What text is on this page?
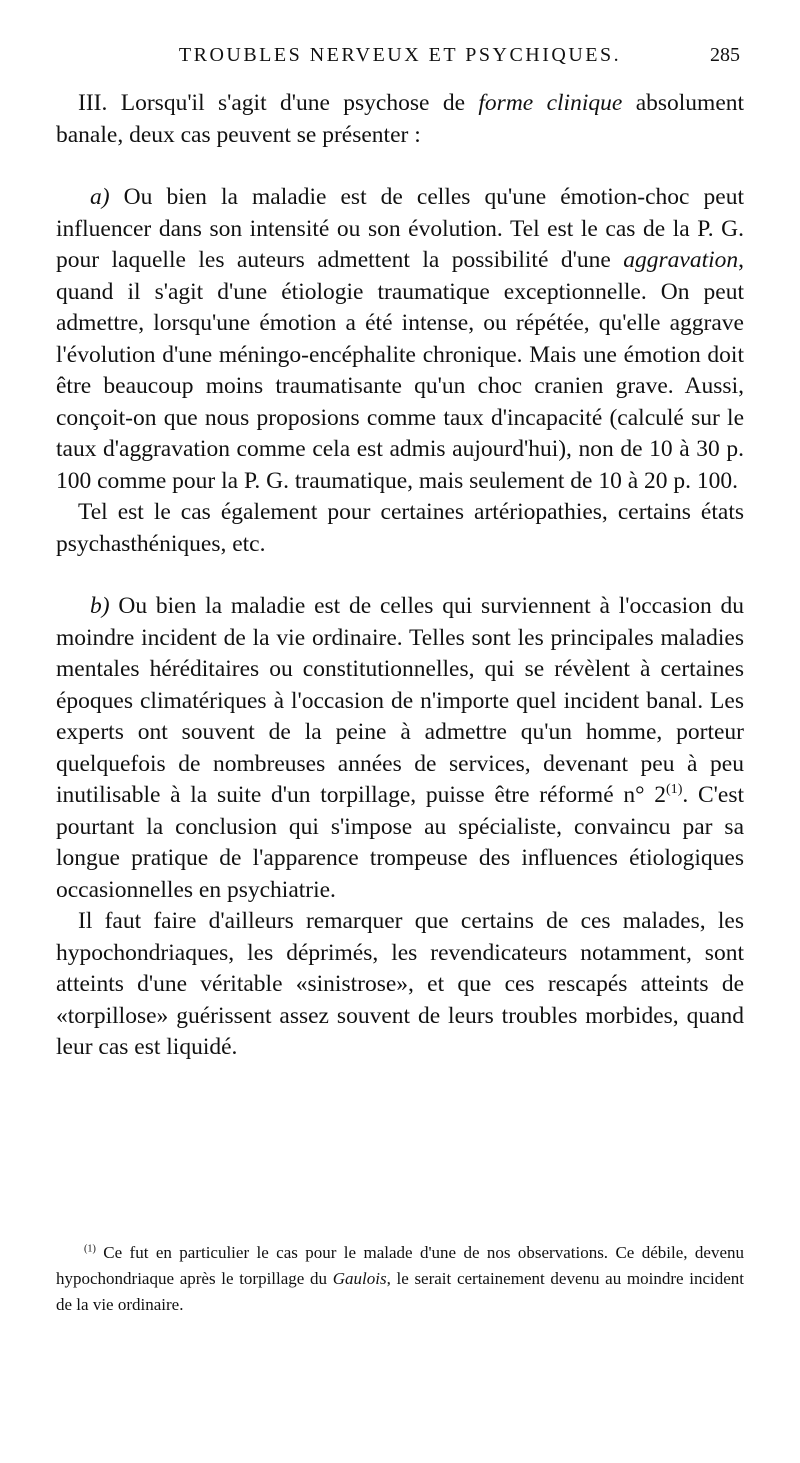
TROUBLES NERVEUX ET PSYCHIQUES.	285

III. Lorsqu'il s'agit d'une psychose de forme clinique absolument banale, deux cas peuvent se présenter :

a) Ou bien la maladie est de celles qu'une émotion-choc peut influencer dans son intensité ou son évolution. Tel est le cas de la P. G. pour laquelle les auteurs admettent la possibilité d'une aggravation, quand il s'agit d'une étiologie traumatique exceptionnelle. On peut admettre, lorsqu'une émotion a été intense, ou répétée, qu'elle aggrave l'évolution d'une méningo-encéphalite chronique. Mais une émotion doit être beaucoup moins traumatisante qu'un choc cranien grave. Aussi, conçoit-on que nous proposions comme taux d'incapacité (calculé sur le taux d'aggravation comme cela est admis aujourd'hui), non de 10 à 30 p. 100 comme pour la P. G. traumatique, mais seulement de 10 à 20 p. 100.

Tel est le cas également pour certaines artériopathies, certains états psychasthéniques, etc.

b) Ou bien la maladie est de celles qui surviennent à l'occasion du moindre incident de la vie ordinaire. Telles sont les principales maladies mentales héréditaires ou constitutionnelles, qui se révèlent à certaines époques climatériques à l'occasion de n'importe quel incident banal. Les experts ont souvent de la peine à admettre qu'un homme, porteur quelquefois de nombreuses années de services, devenant peu à peu inutilisable à la suite d'un torpillage, puisse être réformé n° 2$^{(1)}$. C'est pourtant la conclusion qui s'impose au spécialiste, convaincu par sa longue pratique de l'apparence trompeuse des influences étiologiques occasionnelles en psychiatrie.

Il faut faire d'ailleurs remarquer que certains de ces malades, les hypochondriaques, les déprimés, les revendicateurs notamment, sont atteints d'une véritable «sinistrose», et que ces rescapés atteints de «torpillose» guérissent assez souvent de leurs troubles morbides, quand leur cas est liquidé.

$^{(1)}$ Ce fut en particulier le cas pour le malade d'une de nos observations. Ce débile, devenu hypochondriaque après le torpillage du Gaulois, le serait certainement devenu au moindre incident de la vie ordinaire.
